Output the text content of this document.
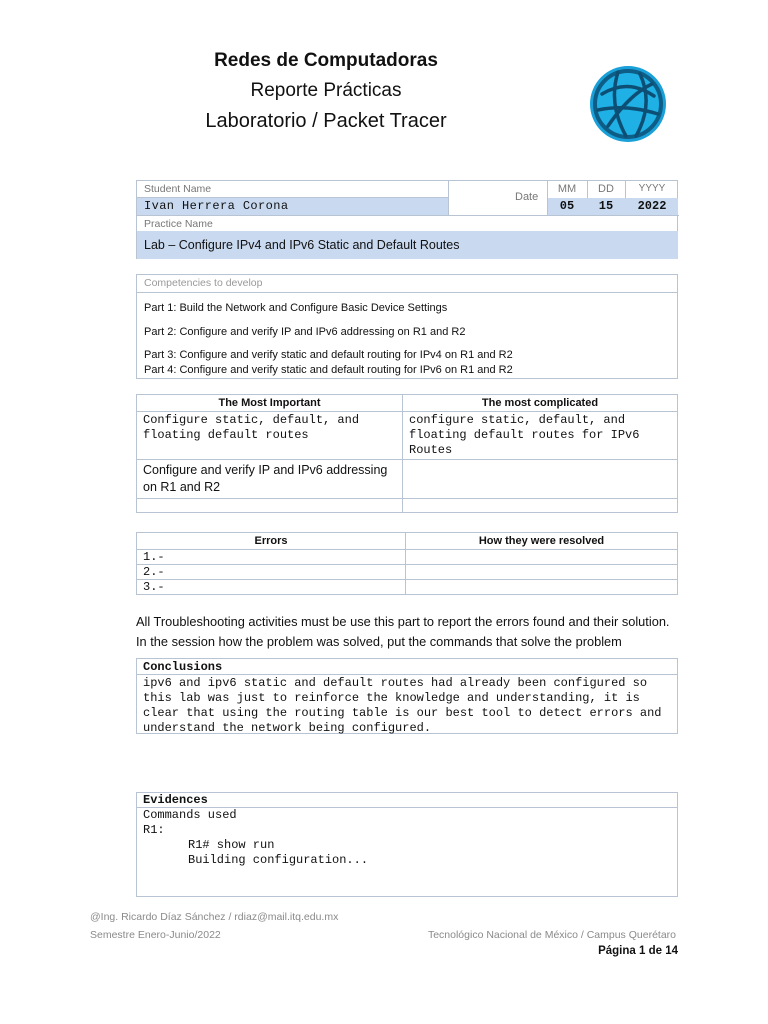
Redes de Computadoras
Reporte Prácticas
Laboratorio / Packet Tracer
Student Name
Ivan Herrera Corona
Date
MM	DD	YYYY
05	15	2022
Practice Name
Lab – Configure IPv4 and IPv6 Static and Default Routes
Competencies to develop
Part 1: Build the Network and Configure Basic Device Settings
Part 2: Configure and verify IP and IPv6 addressing on R1 and R2
Part 3: Configure and verify static and default routing for IPv4 on R1 and R2
Part 4: Configure and verify static and default routing for IPv6 on R1 and R2
The Most Important	The most complicated
Configure static, default, and floating default routes	configure static, default, and floating default routes for IPv6 Routes
Configure and verify IP and IPv6 addressing on R1 and R2	

Errors	How they were resolved
1.-	
2.-	
3.-	
All Troubleshooting activities must be use this part to report the errors found and their solution. In the session how the problem was solved, put the commands that solve the problem
Conclusions
ipv6 and ipv6 static and default routes had already been configured so this lab was just to reinforce the knowledge and understanding, it is clear that using the routing table is our best tool to detect errors and understand the network being configured.
Evidences
Commands used
R1:
R1# show run
Building configuration...
@Ing. Ricardo Díaz Sánchez / rdiaz@mail.itq.edu.mx
Semestre Enero-Junio/2022	Tecnológico Nacional de México / Campus Querétaro
Página 1 de 14
